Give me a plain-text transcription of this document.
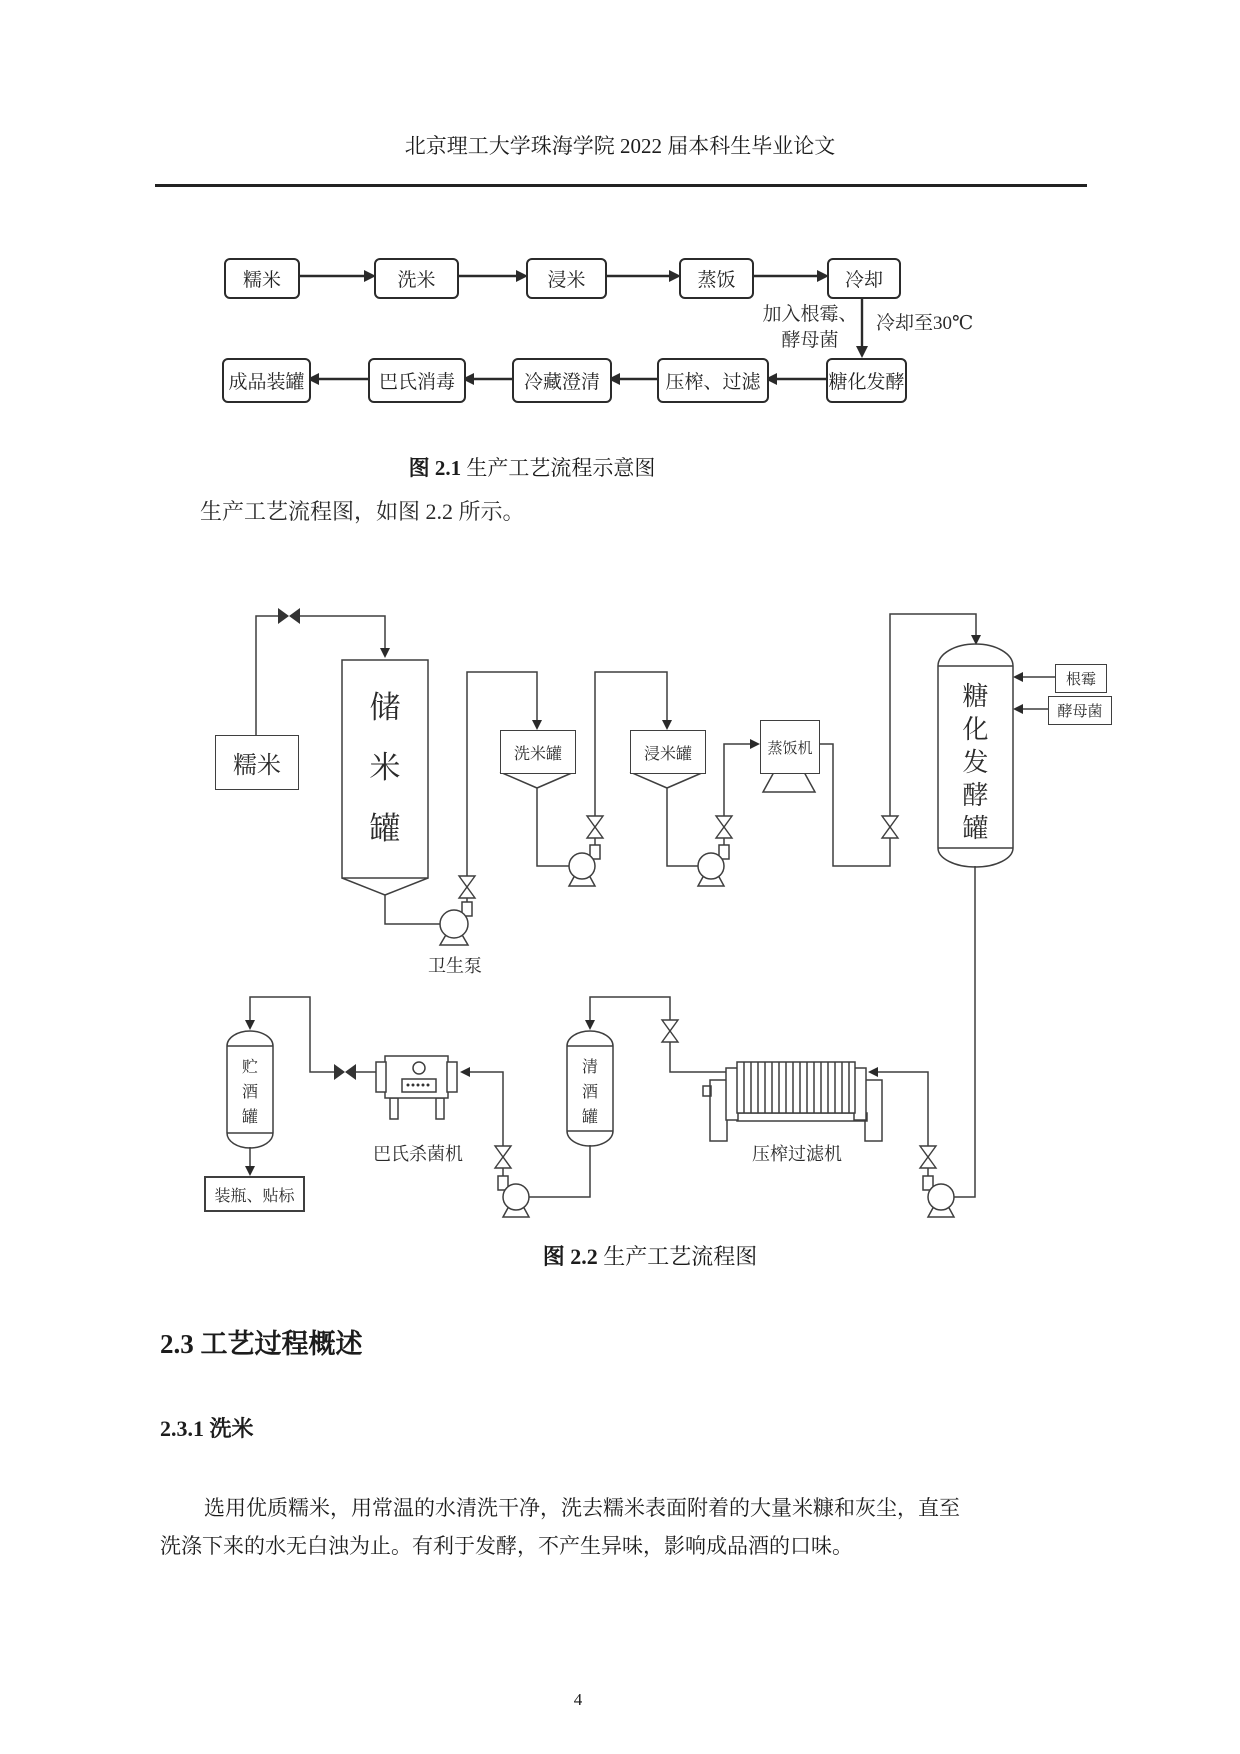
北京理工大学珠海学院 2022 届本科生毕业论文
糯米	洗米	浸米	蒸饭	冷却
加入根霉、
酵母菌
冷却至30℃
成品装罐	巴氏消毒	冷藏澄清	压榨、过滤	糖化发酵
图 2.1 生产工艺流程示意图
生产工艺流程图，如图 2.2 所示。
糯米
储米罐
卫生泵
洗米罐	浸米罐	蒸饭机
糖化发酵罐
根霉
酵母菌
贮酒罐
清酒罐
巴氏杀菌机	压榨过滤机
装瓶、贴标
图 2.2 生产工艺流程图
2.3 工艺过程概述
2.3.1 洗米
选用优质糯米，用常温的水清洗干净，洗去糯米表面附着的大量米糠和灰尘，直至
洗涤下来的水无白浊为止。有利于发酵，不产生异味，影响成品酒的口味。
4
